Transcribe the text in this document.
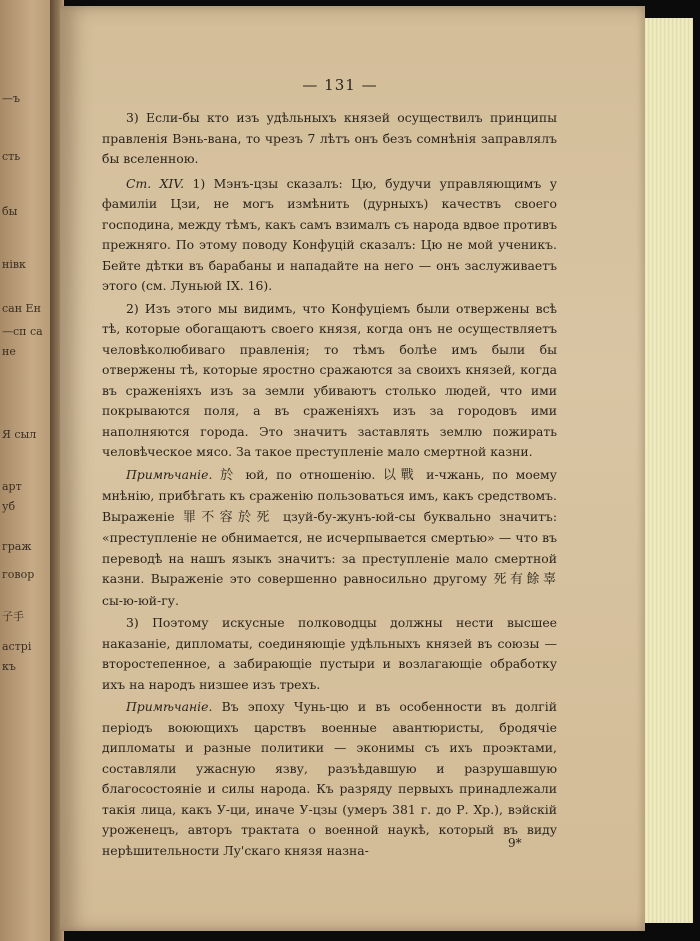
—ъ
сть
бы
нівк
сан Ен
—сп ca
не
Я сыл
арт
уб
граж
говор
子手
астрі
къ
— 131 —

3) Если-бы кто изъ удѣльныхъ князей осуществилъ принципы правленія Вэнь-вана, то чрезъ 7 лѣтъ онъ безъ сомнѣнія заправлялъ бы вселенною.

Ст. XIV. 1) Мэнъ-цзы сказалъ: Цю, будучи управляющимъ у фамиліи Цзи, не могъ измѣнить (дурныхъ) качествъ своего господина, между тѣмъ, какъ самъ взималъ съ народа вдвое противъ прежняго. По этому поводу Конфуцій сказалъ: Цю не мой ученикъ. Бейте дѣтки въ барабаны и нападайте на него — онъ заслуживаетъ этого (см. Луньюй IX. 16).

2) Изъ этого мы видимъ, что Конфуціемъ были отвержены всѣ тѣ, которые обогащаютъ своего князя, когда онъ не осуществляетъ человѣколюбиваго правленія; то тѣмъ болѣе имъ были бы отвержены тѣ, которые яростно сражаются за своихъ князей, когда въ сраженіяхъ изъ за земли убиваютъ столько людей, что ими покрываются поля, а въ сраженіяхъ изъ за городовъ ими наполняются города. Это значитъ заставлять землю пожирать человѣческое мясо. За такое преступленіе мало смертной казни.

Примѣчаніе. 於 юй, по отношенію. 以戰 и-чжань, по моему мнѣнію, прибѣгать къ сраженію пользоваться имъ, какъ средствомъ. Выраженіе 罪不容於死 цзуй-бу-жунъ-юй-сы буквально значитъ: «преступленіе не обнимается, не исчерпывается смертью» — что въ переводѣ на нашъ языкъ значитъ: за преступленіе мало смертной казни. Выраженіе это совершенно равносильно другому 死有餘辜 сы-ю-юй-гу.

3) Поэтому искусные полководцы должны нести высшее наказаніе, дипломаты, соединяющіе удѣльныхъ князей въ союзы — второстепенное, а забирающіе пустыри и возлагающіе обработку ихъ на народъ низшее изъ трехъ.

Примѣчаніе. Въ эпоху Чунь-цю и въ особенности въ долгій періодъ воюющихъ царствъ военные авантюристы, бродячіе дипломаты и разные политики — эконимы съ ихъ проэктами, составляли ужасную язву, разъѣдавшую и разрушавшую благосостояніе и силы народа. Къ разряду первыхъ принадлежали такія лица, какъ У-ци, иначе У-цзы (умеръ 381 г. до Р. Хр.), вэйскій уроженецъ, авторъ трактата о военной наукѣ, который въ виду нерѣшительности Лу'скаго князя назна-	9*
